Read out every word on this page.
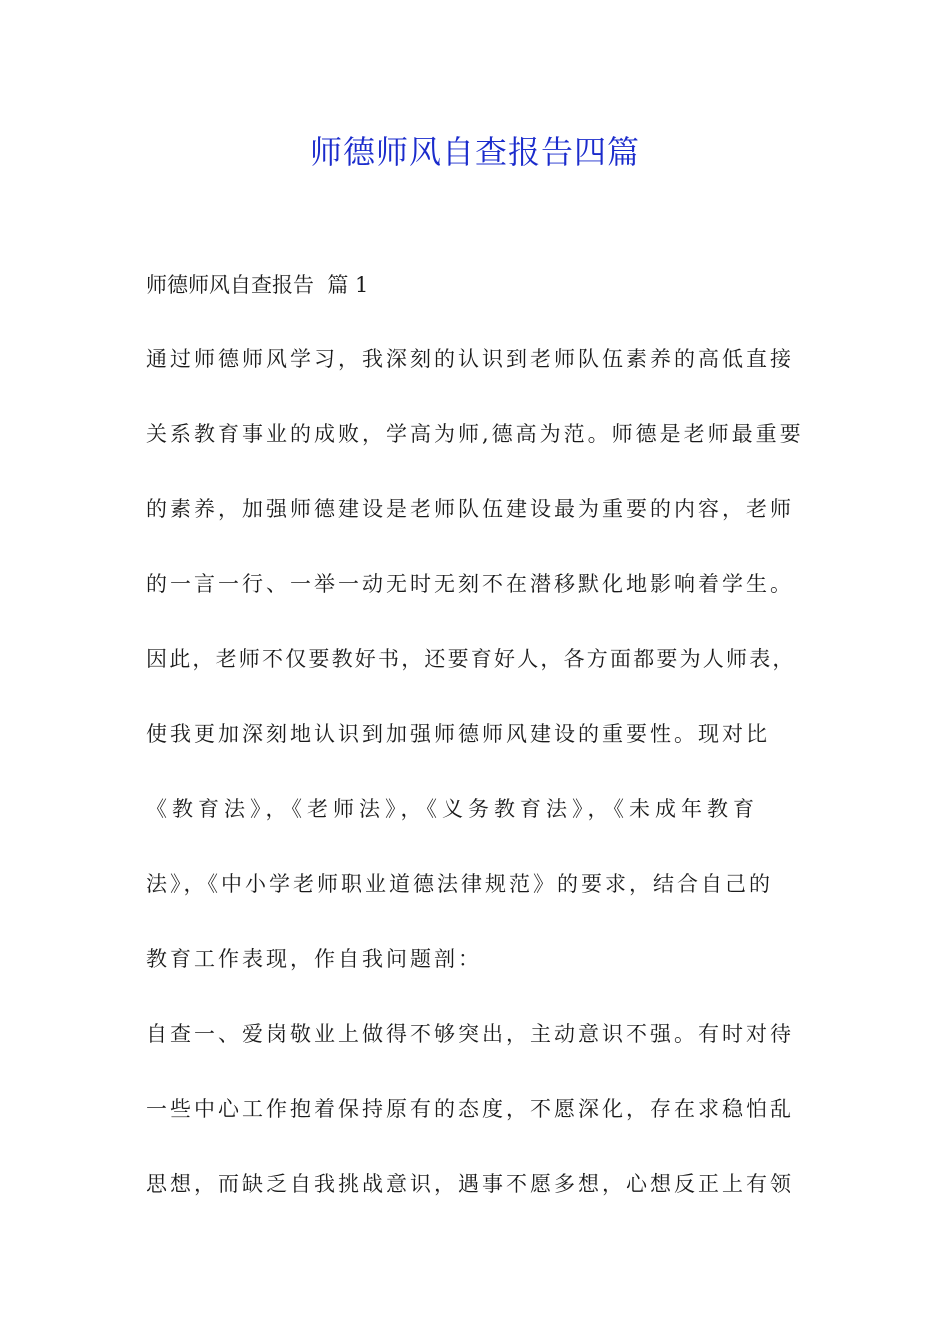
师德师风自查报告四篇

师德师风自查报告  篇 1

通过师德师风学习，我深刻的认识到老师队伍素养的高低直接
关系教育事业的成败，学高为师,德高为范。师德是老师最重要
的素养，加强师德建设是老师队伍建设最为重要的内容，老师
的一言一行、一举一动无时无刻不在潜移默化地影响着学生。
因此，老师不仅要教好书，还要育好人，各方面都要为人师表，
使我更加深刻地认识到加强师德师风建设的重要性。现对比
《教育法》，《老师法》，《义务教育法》，《未成年教育
法》，《中小学老师职业道德法律规范》的要求，结合自己的
教育工作表现，作自我问题剖：
自查一、爱岗敬业上做得不够突出，主动意识不强。有时对待
一些中心工作抱着保持原有的态度，不愿深化，存在求稳怕乱
思想，而缺乏自我挑战意识，遇事不愿多想，心想反正上有领
